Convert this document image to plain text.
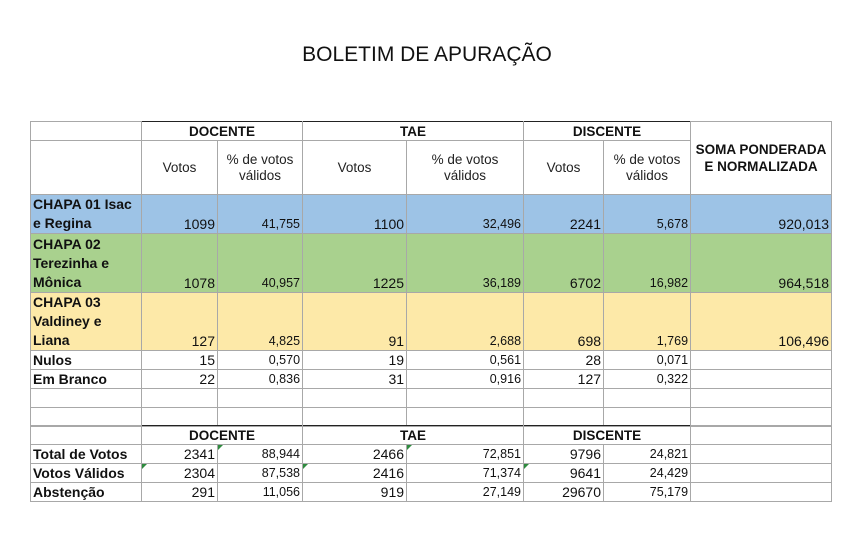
BOLETIM DE APURAÇÃO
	DOCENTE		TAE		DISCENTE		SOMA PONDERADA E NORMALIZADA
	Votos	% de votos válidos	Votos	% de votos válidos	Votos	% de votos válidos	
CHAPA 01 Isac e Regina	1099	41,755	1100	32,496	2241	5,678	920,013
CHAPA 02 Terezinha e Mônica	1078	40,957	1225	36,189	6702	16,982	964,518
CHAPA 03 Valdiney e Liana	127	4,825	91	2,688	698	1,769	106,496
Nulos	15	0,570	19	0,561	28	0,071	
Em Branco	22	0,836	31	0,916	127	0,322	

	DOCENTE		TAE		DISCENTE		
Total de Votos	2341	88,944	2466	72,851	9796	24,821	
Votos Válidos	2304	87,538	2416	71,374	9641	24,429	
Abstenção	291	11,056	919	27,149	29670	75,179	
